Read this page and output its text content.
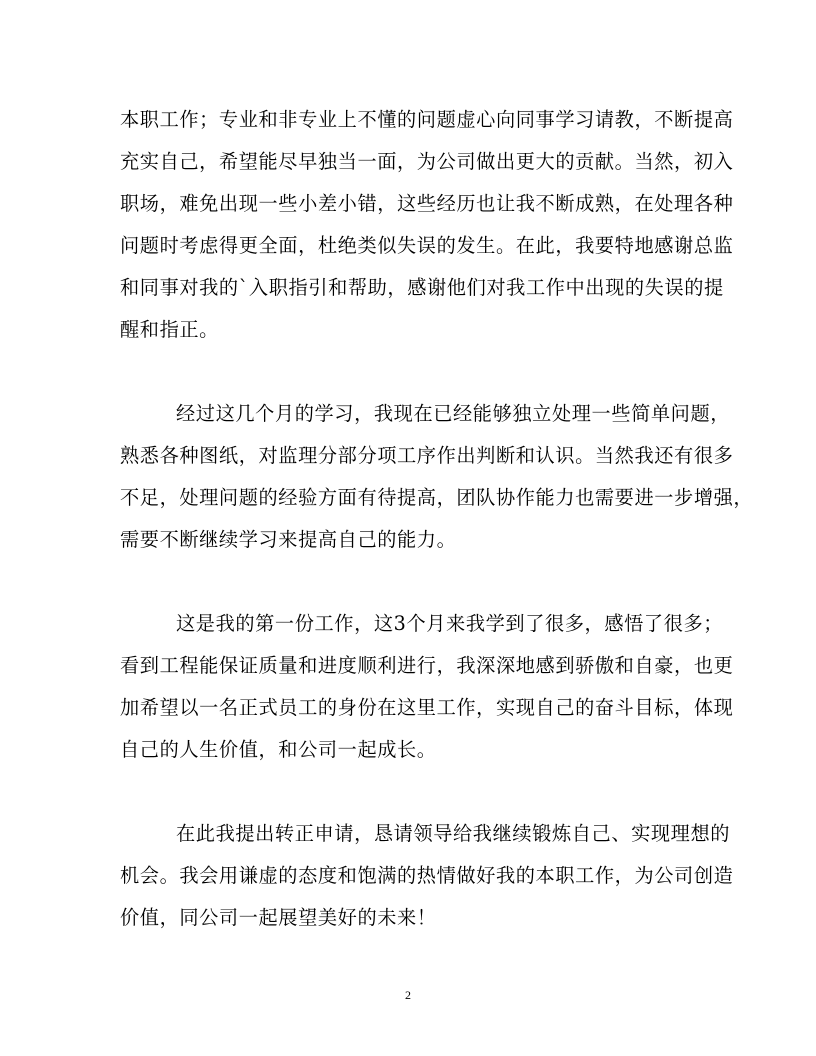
本职工作；专业和非专业上不懂的问题虚心向同事学习请教，不断提高
充实自己，希望能尽早独当一面，为公司做出更大的贡献。当然，初入
职场，难免出现一些小差小错，这些经历也让我不断成熟，在处理各种
问题时考虑得更全面，杜绝类似失误的发生。在此，我要特地感谢总监
和同事对我的`入职指引和帮助，感谢他们对我工作中出现的失误的提
醒和指正。
经过这几个月的学习，我现在已经能够独立处理一些简单问题，
熟悉各种图纸，对监理分部分项工序作出判断和认识。当然我还有很多
不足，处理问题的经验方面有待提高，团队协作能力也需要进一步增强，
需要不断继续学习来提高自己的能力。
这是我的第一份工作，这3个月来我学到了很多，感悟了很多；
看到工程能保证质量和进度顺利进行，我深深地感到骄傲和自豪，也更
加希望以一名正式员工的身份在这里工作，实现自己的奋斗目标，体现
自己的人生价值，和公司一起成长。
在此我提出转正申请，恳请领导给我继续锻炼自己、实现理想的
机会。我会用谦虚的态度和饱满的热情做好我的本职工作，为公司创造
价值，同公司一起展望美好的未来！
2
